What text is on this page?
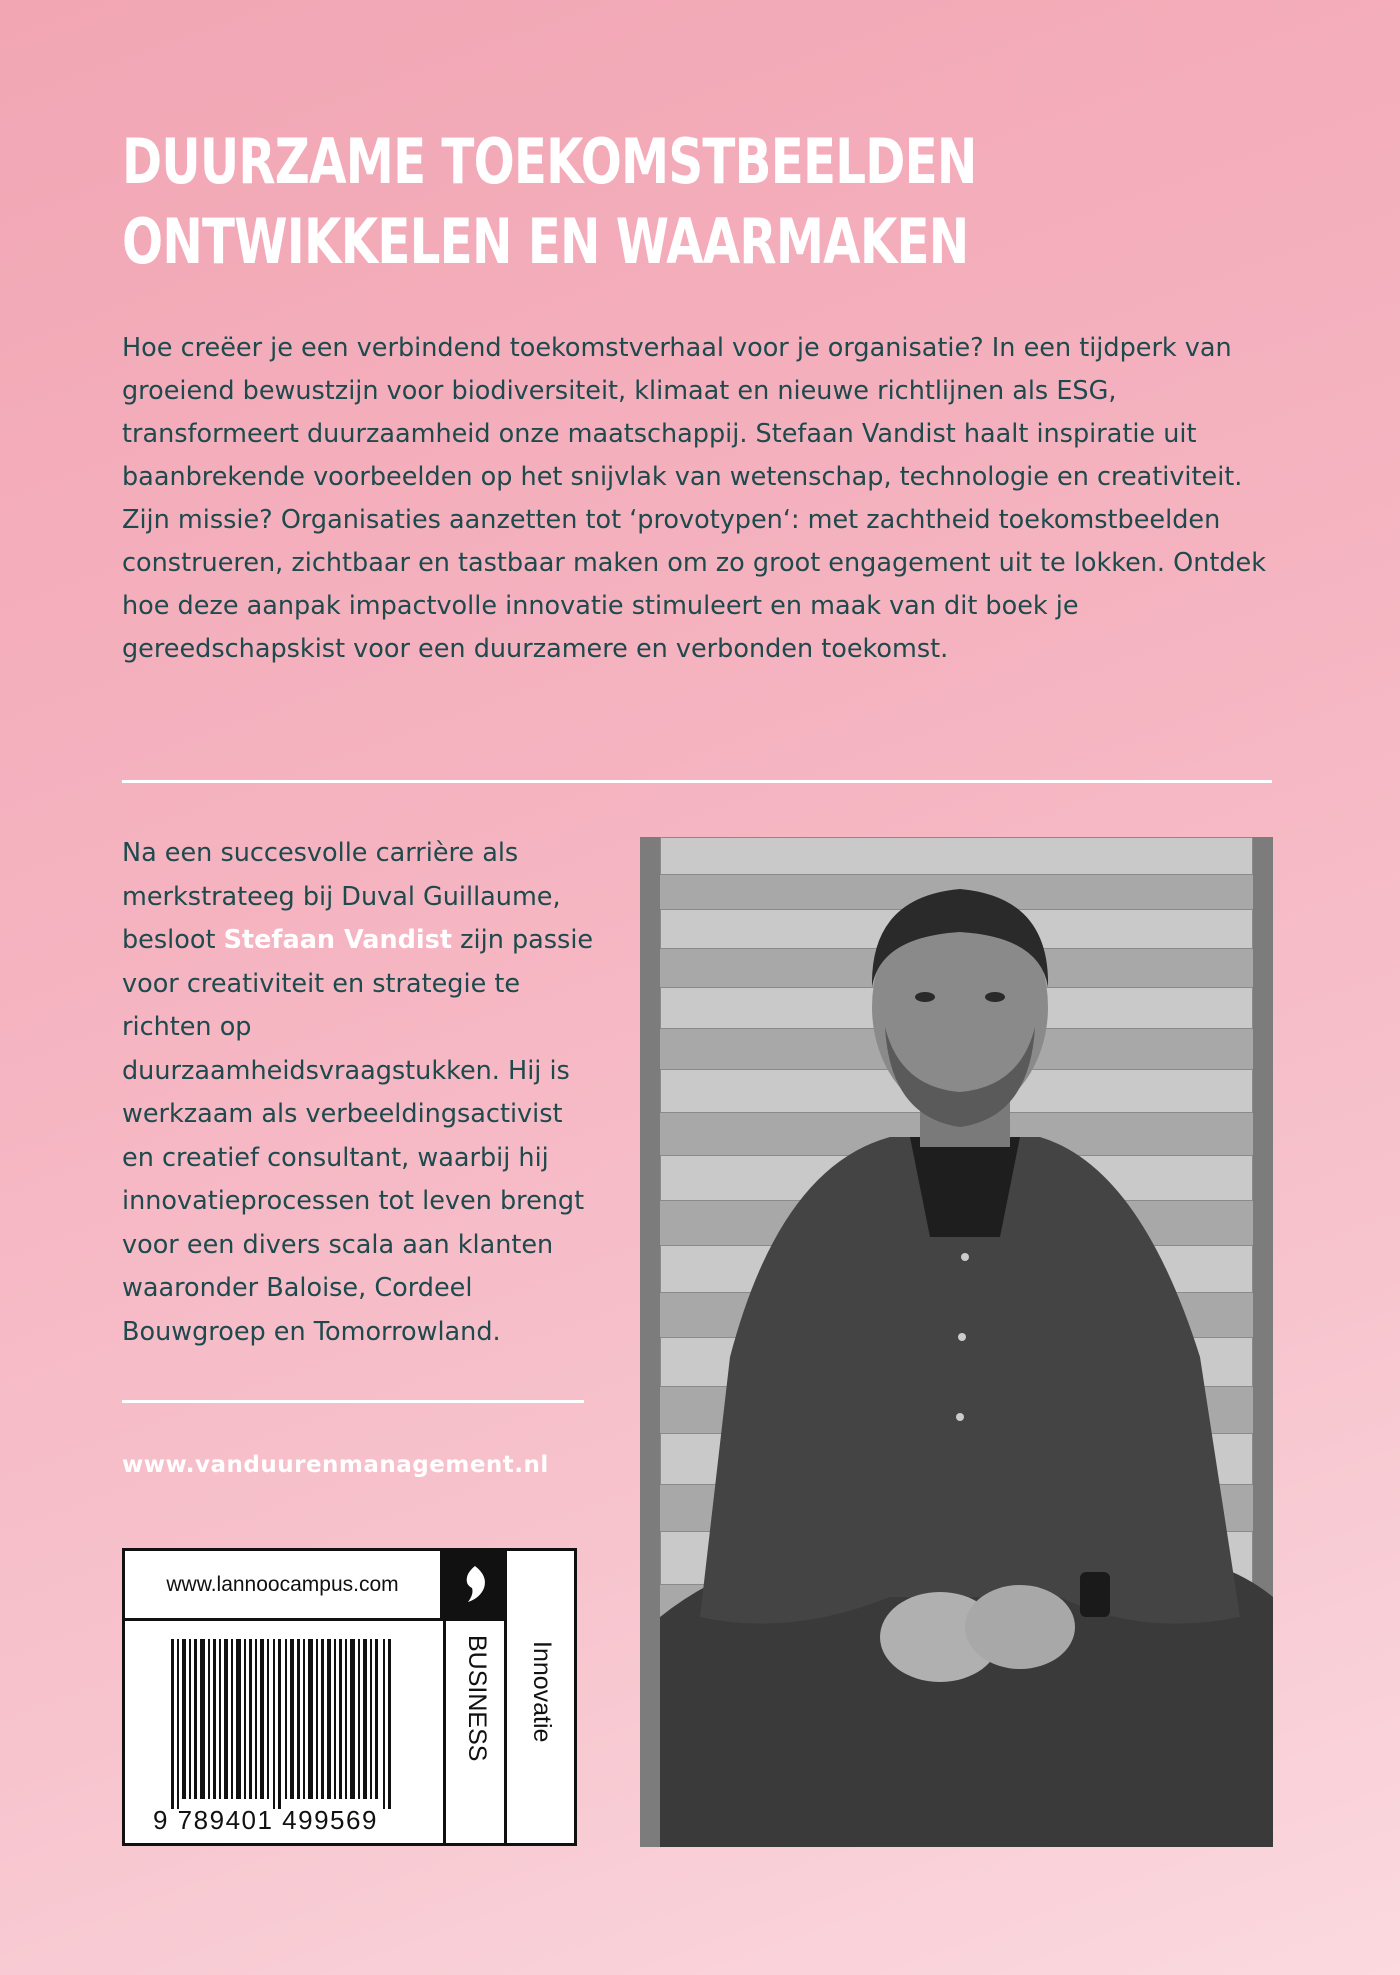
DUURZAME TOEKOMSTBEELDEN
ONTWIKKELEN EN WAARMAKEN

Hoe creëer je een verbindend toekomstverhaal voor je organisatie? In een tijdperk van groeiend bewustzijn voor biodiversiteit, klimaat en nieuwe richtlijnen als ESG, transformeert duurzaamheid onze maatschappij. Stefaan Vandist haalt inspiratie uit baanbrekende voorbeelden op het snijvlak van wetenschap, technologie en creativiteit. Zijn missie? Organisaties aanzetten tot ‘provotypen‘: met zachtheid toekomstbeelden construeren, zichtbaar en tastbaar maken om zo groot engagement uit te lokken. Ontdek hoe deze aanpak impactvolle innovatie stimuleert en maak van dit boek je gereedschapskist voor een duurzamere en verbonden toekomst.

Na een succesvolle carrière als merkstrateeg bij Duval Guillaume, besloot Stefaan Vandist zijn passie voor creativiteit en strategie te richten op duurzaamheidsvraagstukken. Hij is werkzaam als verbeeldingsactivist en creatief consultant, waarbij hij innovatieprocessen tot leven brengt voor een divers scala aan klanten waaronder Baloise, Cordeel Bouwgroep en Tomorrowland.

www.vanduurenmanagement.nl
www.lannoocampus.com
9 789401 499569
BUSINESS Innovatie
